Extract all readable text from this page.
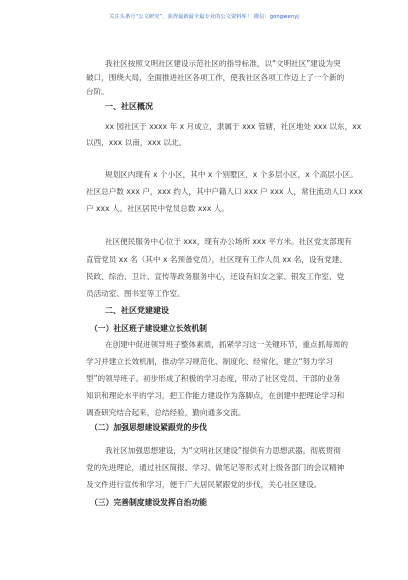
关注头条号“公文研究”，获得最新最全最专业的公文资料库！ 微信：gongwenyj
我社区按照文明社区建设示范社区的指导标准，以“文明社区”建设为突
破口，围绕大局，全面推进社区各项工作，使我社区各项工作迈上了一个新的
台阶。
一、社区概况
xx 园社区于 xxxx 年 x 月成立，隶属于 xxx 管辖，社区地处 xxx 以东，xx
以西，xxx 以南，xxx 以北。
规划区内现有 x 个小区，其中 x 个别墅区，x 个多层小区，x 个高层小区。
社区总户数 xxx 户，xxx 约人，其中户籍人口 xxx 户 xxx 人，常住流动人口 xxx
户 xxx 人。社区居民中党员总数 xxx 人。
社区便民服务中心位于 xxx，现有办公场所 xxx 平方米。社区党支部现有
直管党员 xx 名（其中 x 名预备党员），社区现有工作人员 xx 名，设有党建、
民政、综治、卫计、宣传等政务服务中心，还设有妇女之家、银发工作室、党
员活动室、图书室等工作室。
二、社区党建建设
（一）社区班子建设建立长效机制
在创建中促进领导班子整体素质，抓紧学习这一关键环节，重点抓每周的
学习并建立长效机制，推动学习规范化、制度化、经常化，建立“努力学习
型”的领导班子。初步形成了积极的学习态度，带动了社区党员、干部的业务
知识和理论水平的学习，把工作能力建设作为落脚点，在创建中把理论学习和
调查研究结合起来，总结经验，勤向通多交流。
（二）加强思想建设紧跟党的步伐
我社区加强思想建设，为“文明社区建设”提供有力思想武器，彻底贯彻
党的先进理论，通过社区简报、学习、做笔记等形式对上级各部门的会议精神
及文件进行宣传和学习，便于广大居民紧跟党的步伐，关心社区建设。
（三）完善制度建设发挥自治功能
